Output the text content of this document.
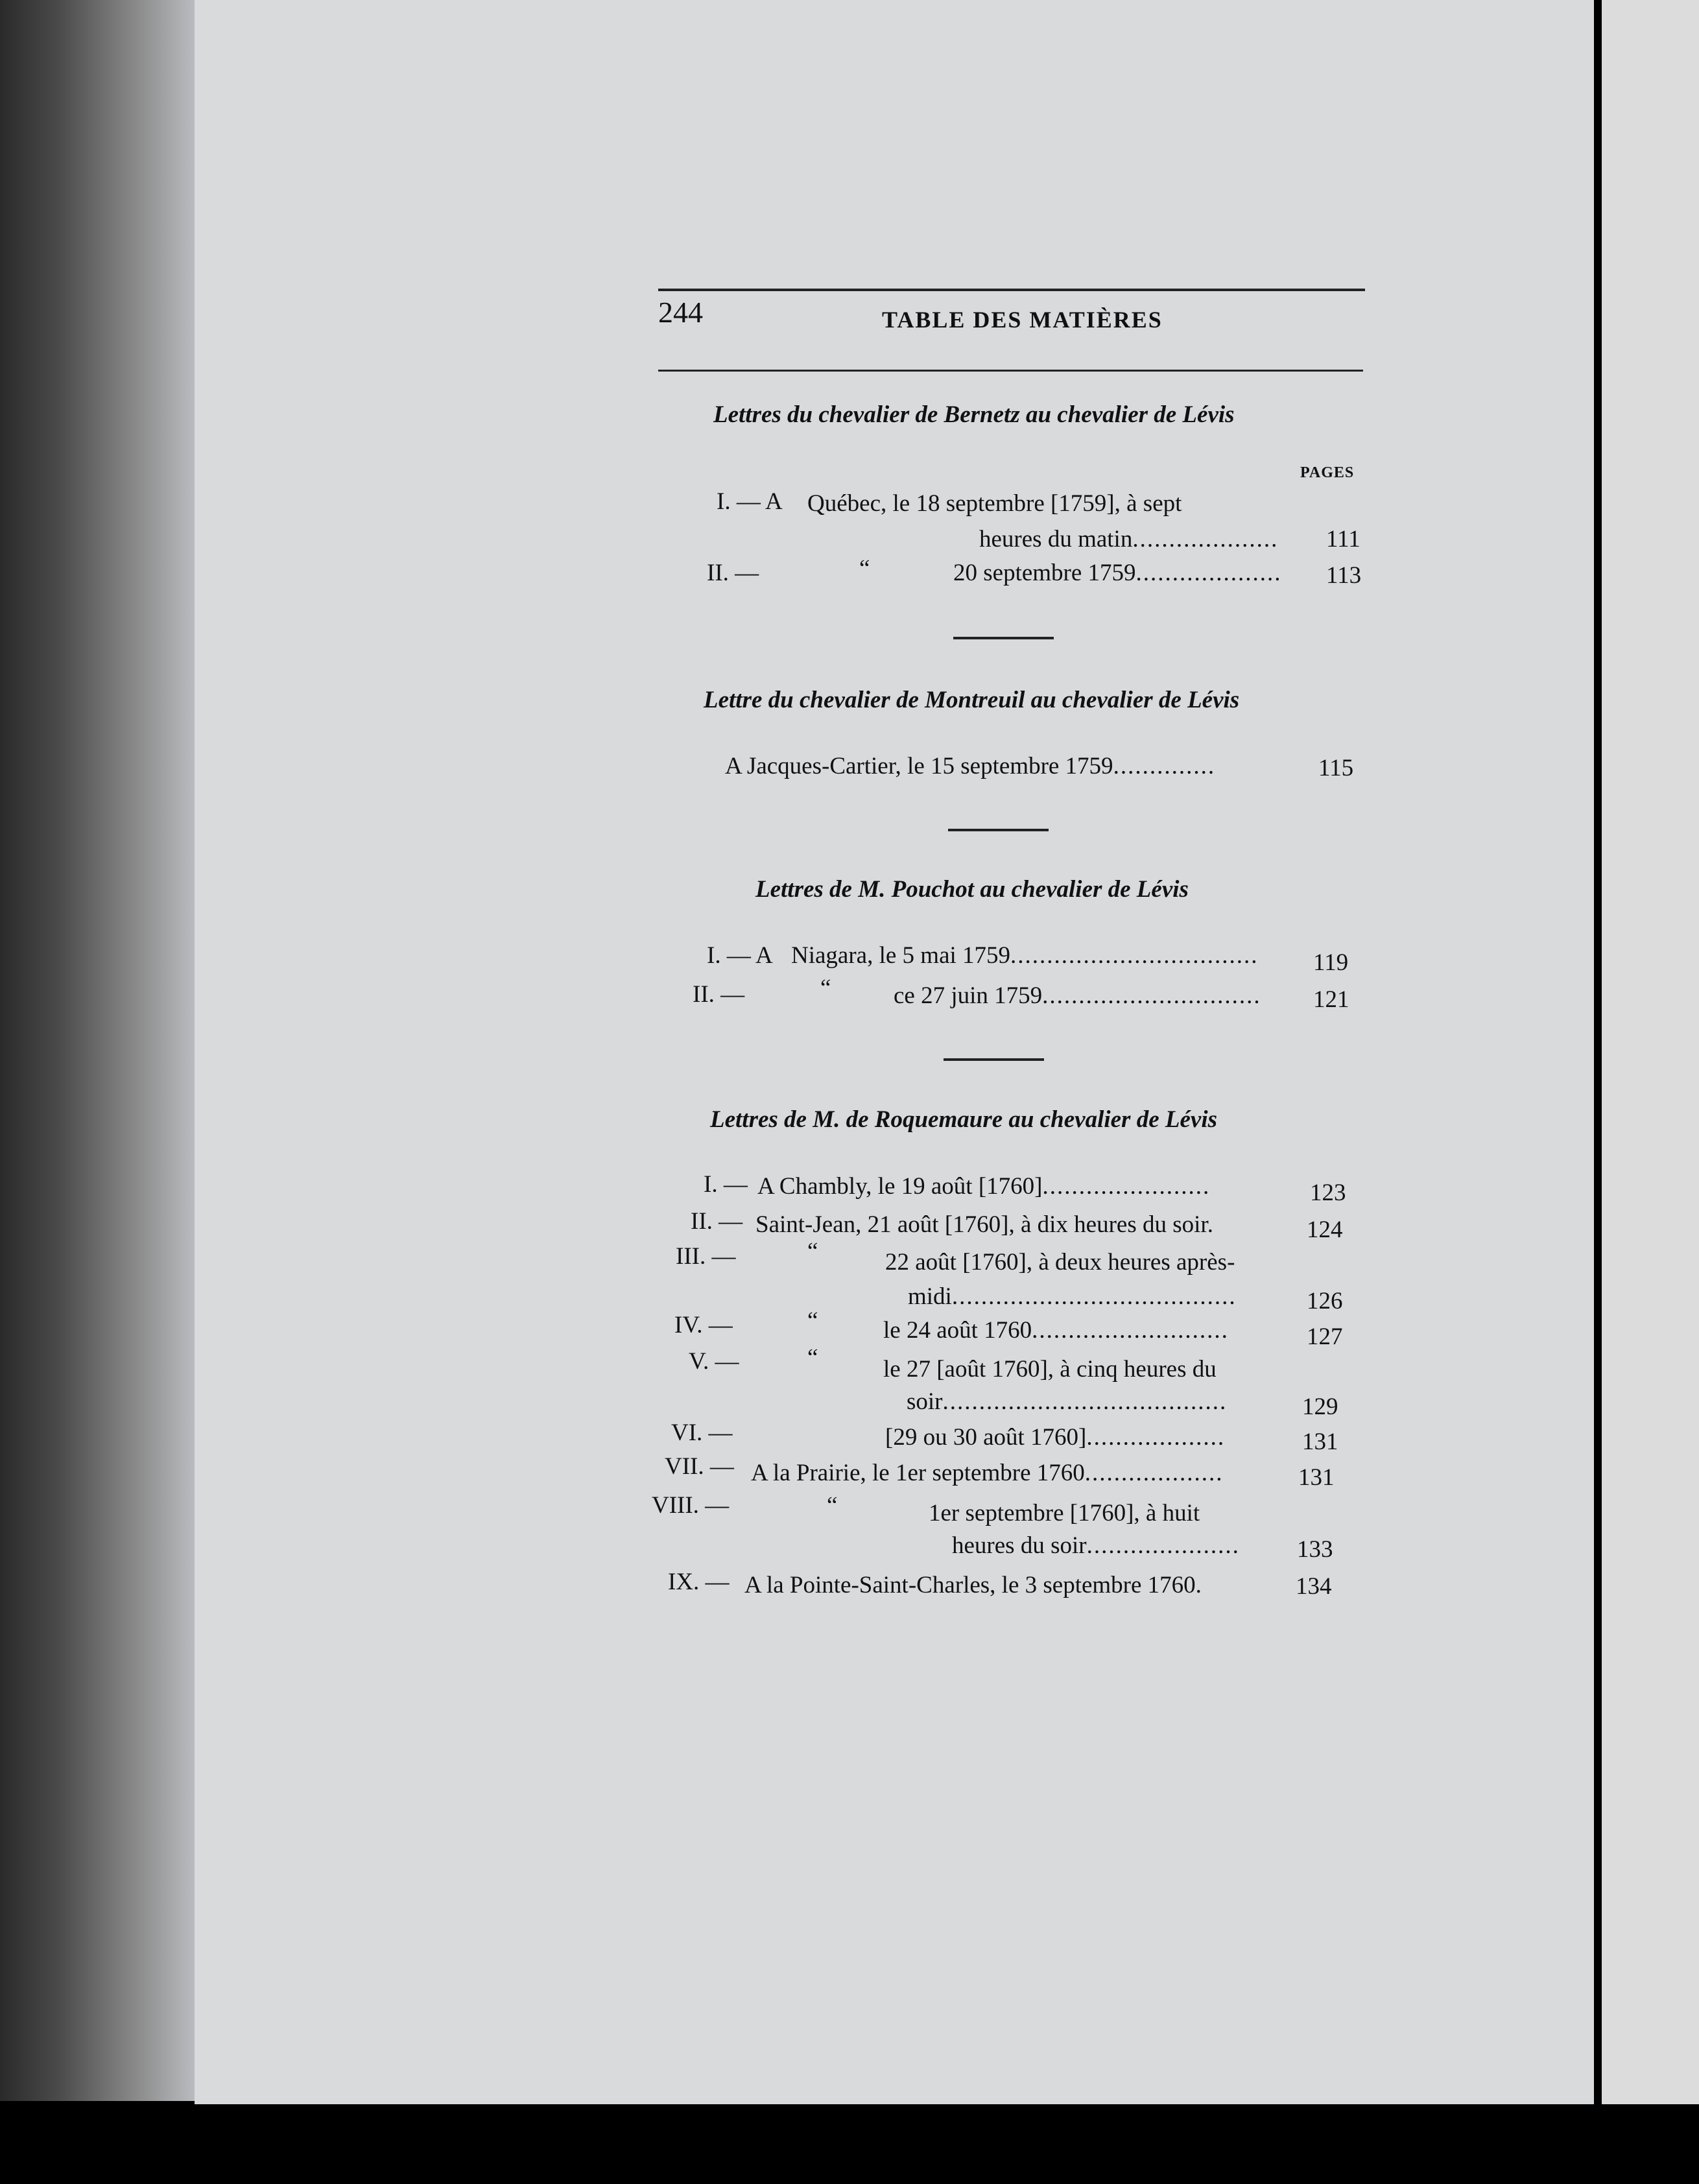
244	TABLE DES MATIÈRES
Lettres du chevalier de Bernetz au chevalier de Lévis
PAGES
I. — A Québec, le 18 septembre [1759], à sept
heures du matin.................... 111
II. —	“	20 septembre 1759.................... 113
Lettre du chevalier de Montreuil au chevalier de Lévis
A Jacques-Cartier, le 15 septembre 1759..............	115
Lettres de M. Pouchot au chevalier de Lévis
I. — A Niagara, le 5 mai 1759.................................. 119
II. —	“	ce 27 juin 1759.............................. 121
Lettres de M. de Roquemaure au chevalier de Lévis
I. — A Chambly, le 19 août [1760].......................	123
II. — Saint-Jean, 21 août [1760], à dix heures du soir.	124
III. —	“	22 août [1760], à deux heures après-
midi.......................................	126
IV. —	“	le 24 août 1760...........................	127
V. —	“	le 27 [août 1760], à cinq heures du
soir.......................................	129
VI. —	[29 ou 30 août 1760]...................	131
VII. — A la Prairie, le 1er septembre 1760...................	131
VIII. —	“	1er septembre [1760], à huit
heures du soir..................... 133
IX. — A la Pointe-Saint-Charles, le 3 septembre 1760.	134
